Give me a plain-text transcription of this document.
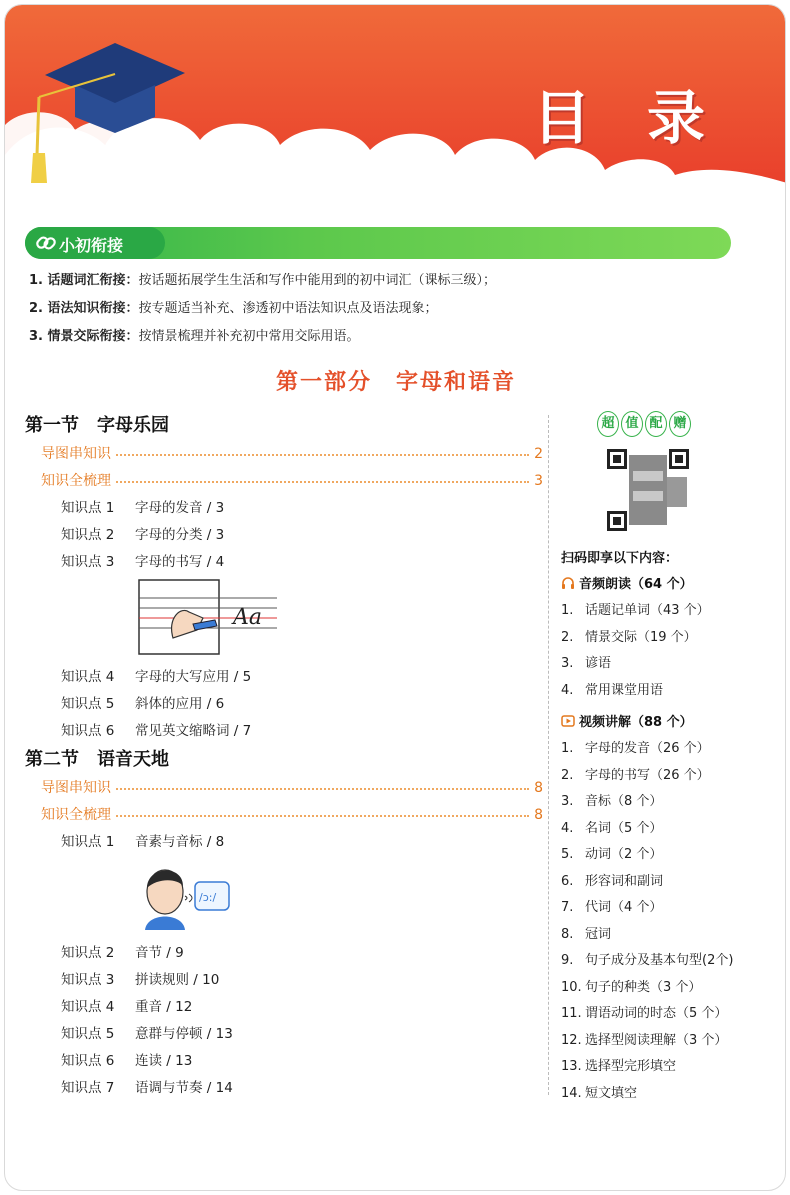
目 录
小初衔接
1. 话题词汇衔接：按话题拓展学生生活和写作中能用到的初中词汇（课标三级）；
2. 语法知识衔接：按专题适当补充、渗透初中语法知识点及语法现象；
3. 情景交际衔接：按情景梳理并补充初中常用交际用语。
第一部分　字母和语音
第一节　字母乐园
导图串知识	2
知识全梳理	3
知识点 1 字母的发音 / 3
知识点 2 字母的分类 / 3
知识点 3 字母的书写 / 4
Aa
知识点 4 字母的大写应用 / 5
知识点 5 斜体的应用 / 6
知识点 6 常见英文缩略词 / 7
第二节　语音天地
导图串知识	8
知识全梳理	8
知识点 1 音素与音标 / 8
/ɔ:/
知识点 2 音节 / 9
知识点 3 拼读规则 / 10
知识点 4 重音 / 12
知识点 5 意群与停顿 / 13
知识点 6 连读 / 13
知识点 7 语调与节奏 / 14
超 值 配 赠
扫码即享以下内容：
音频朗读（64 个）
1. 话题记单词（43 个）
2. 情景交际（19 个）
3. 谚语
4. 常用课堂用语
视频讲解（88 个）
1. 字母的发音（26 个）
2. 字母的书写（26 个）
3. 音标（8 个）
4. 名词（5 个）
5. 动词（2 个）
6. 形容词和副词
7. 代词（4 个）
8. 冠词
9. 句子成分及基本句型(2个)
10. 句子的种类（3 个）
11. 谓语动词的时态（5 个）
12. 选择型阅读理解（3 个）
13. 选择型完形填空
14. 短文填空
